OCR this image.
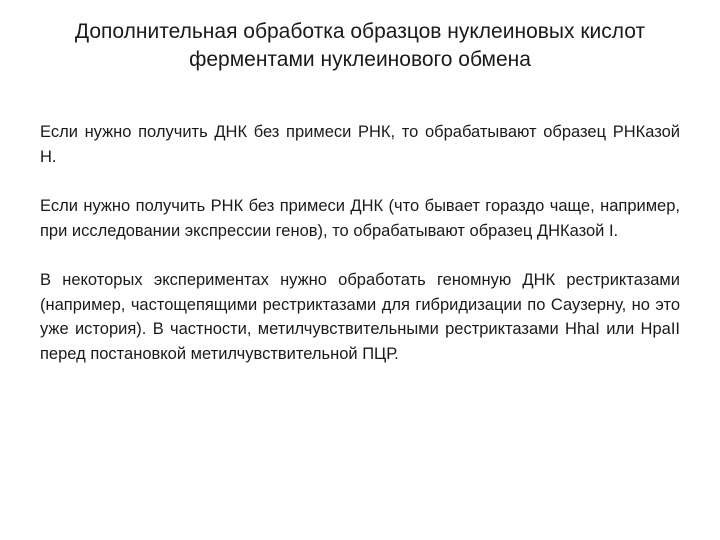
Дополнительная обработка образцов нуклеиновых кислот
ферментами нуклеинового обмена

Если нужно получить ДНК без примеси РНК, то обрабатывают образец РНКазой Н.

Если нужно получить РНК без примеси ДНК (что бывает гораздо чаще, например, при исследовании экспрессии генов), то обрабатывают образец ДНКазой I.

В некоторых экспериментах нужно обработать геномную ДНК рестриктазами (например, частощепящими рестриктазами для гибридизации по Саузерну, но это уже история). В частности, метилчувствительными рестриктазами HhaI или HpaII перед постановкой метилчувствительной ПЦР.
